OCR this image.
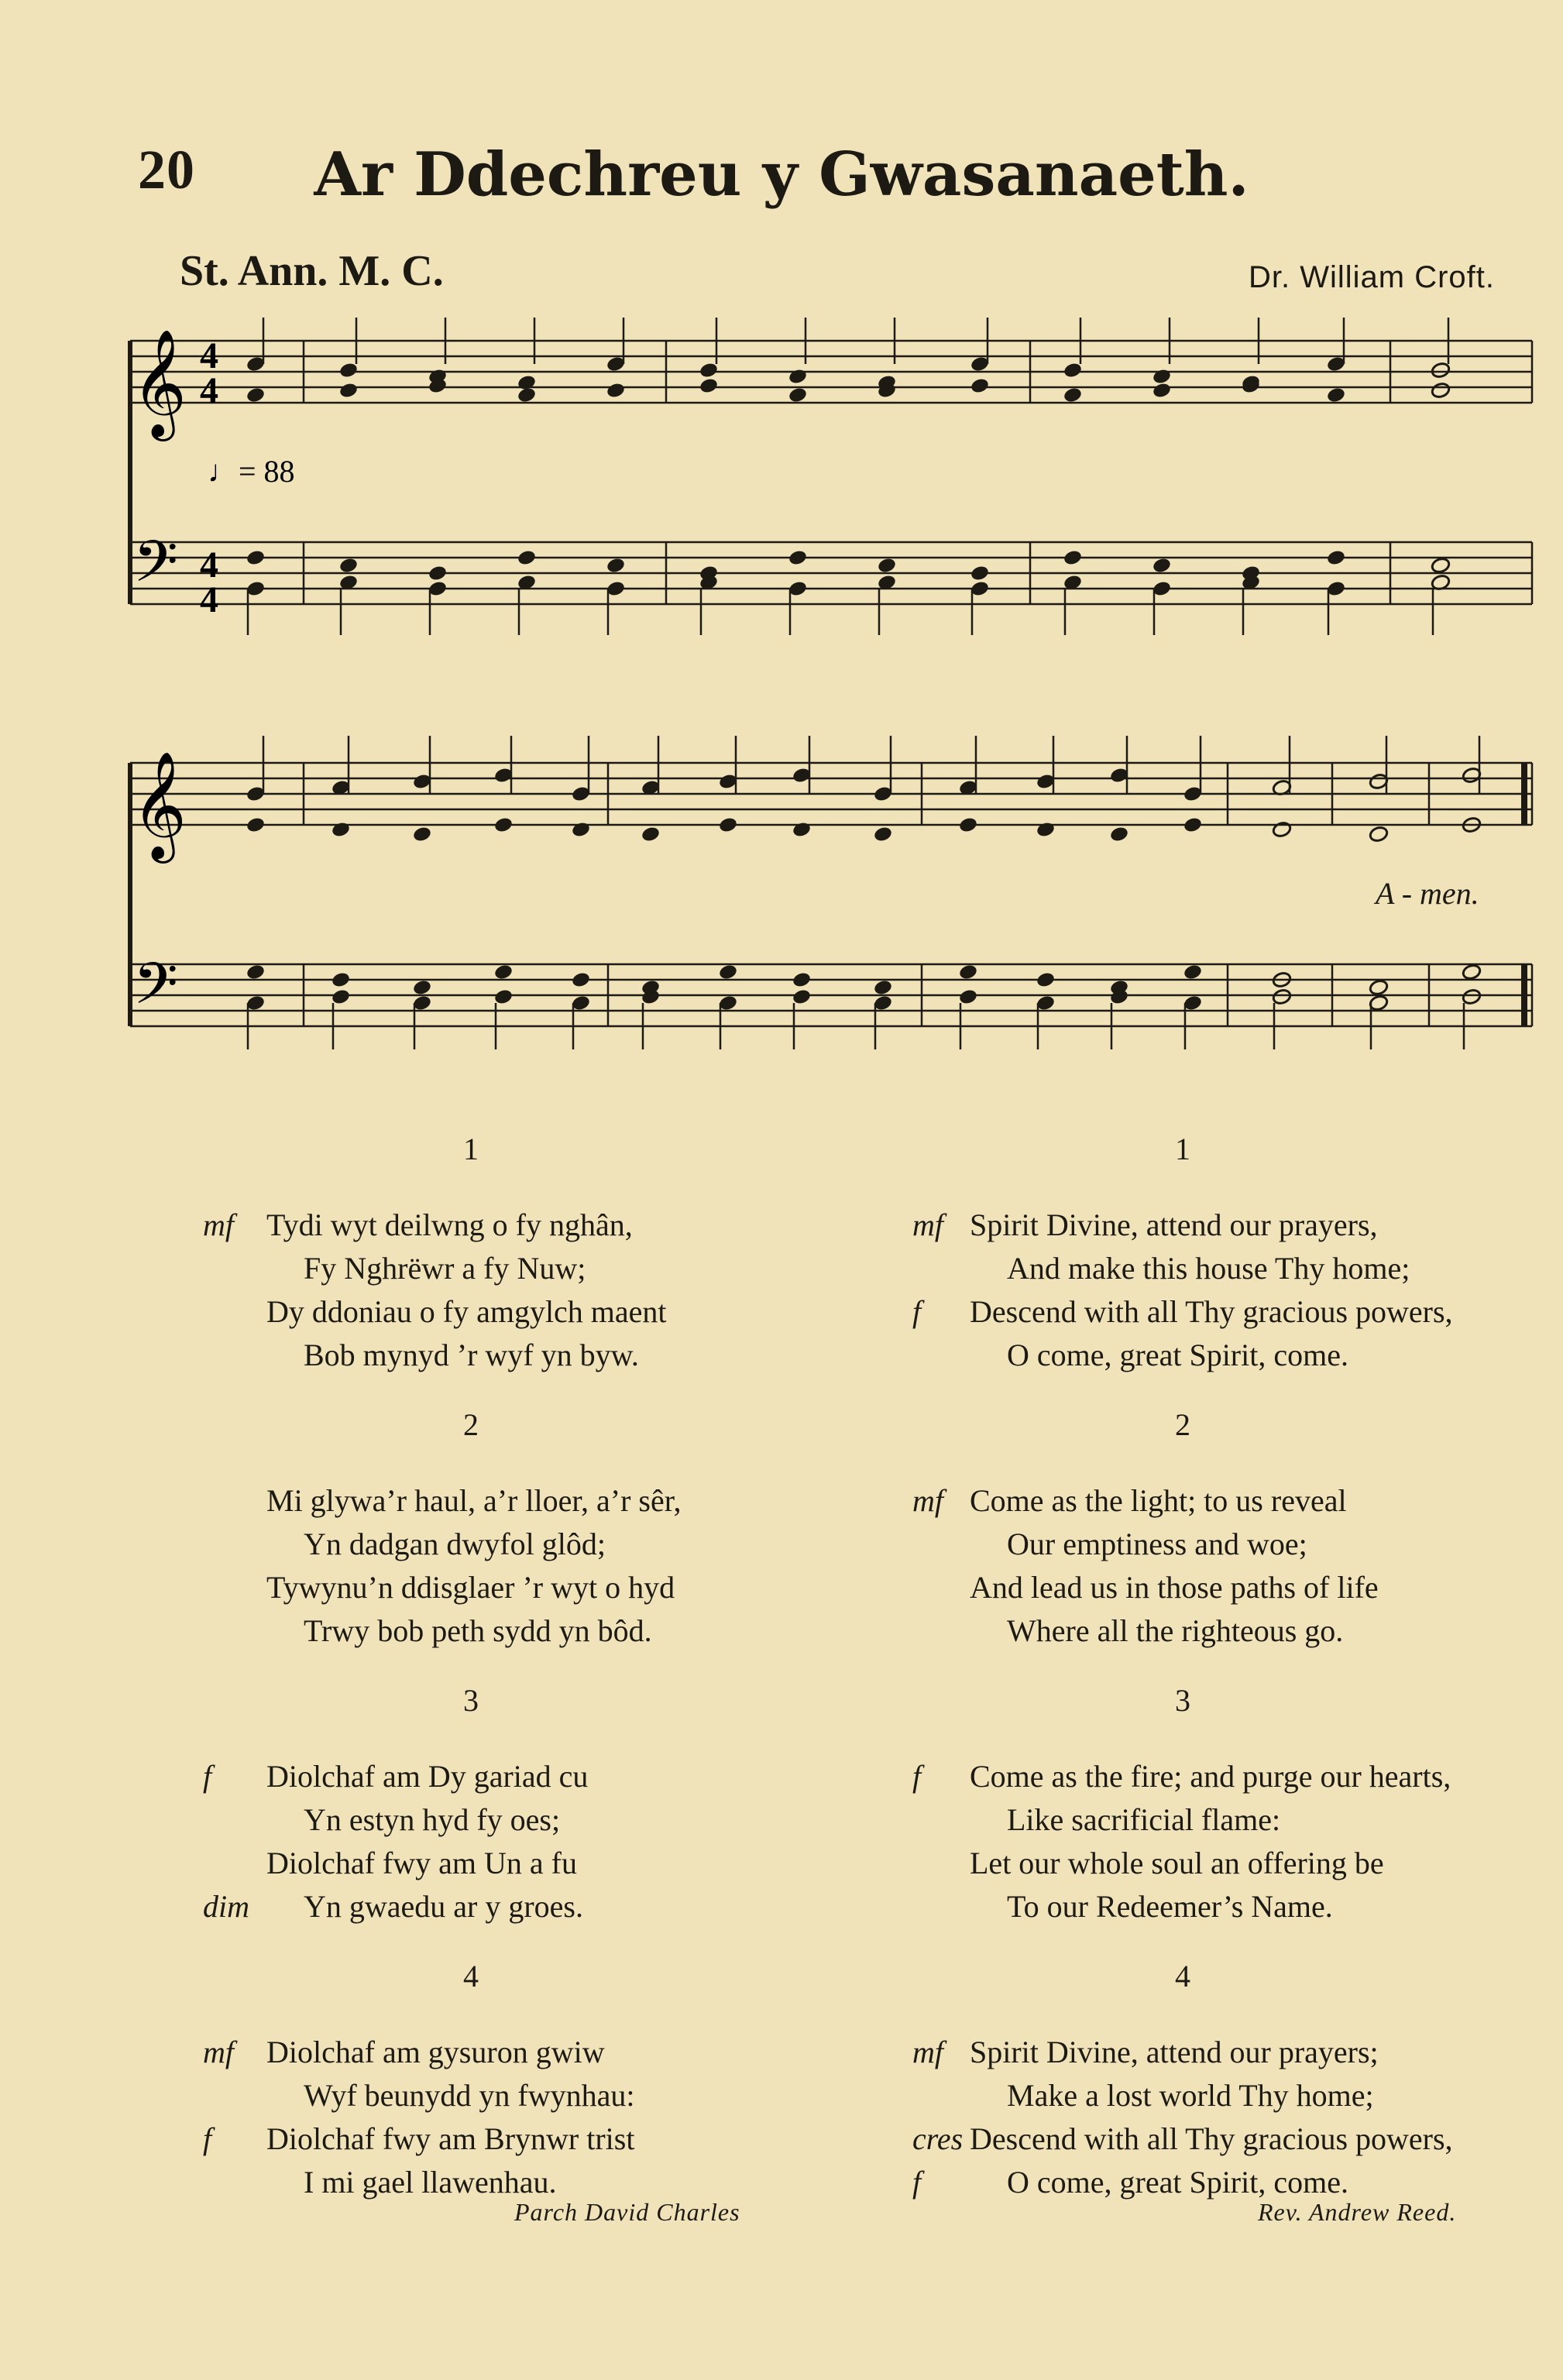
20	Ar Ddechreu y Gwasanaeth.
St. Ann. M. C.	Dr. William Croft.
𝄞
𝄢
𝄞
𝄢
4
4
4
4
♩= 88
A - men.
1
mf Tydi wyt deilwng o fy nghân,
Fy Nghrëwr a fy Nuw;
Dy ddoniau o fy amgylch maent
Bob mynyd ’r wyf yn byw.
2
Mi glywa’r haul, a’r lloer, a’r sêr,
Yn dadgan dwyfol glôd;
Tywynu’n ddisglaer ’r wyt o hyd
Trwy bob peth sydd yn bôd.
3
f Diolchaf am Dy gariad cu
Yn estyn hyd fy oes;
Diolchaf fwy am Un a fu
dim Yn gwaedu ar y groes.
4
mf Diolchaf am gysuron gwiw
Wyf beunydd yn fwynhau:
f Diolchaf fwy am Brynwr trist
I mi gael llawenhau.
1
mf Spirit Divine, attend our prayers,
And make this house Thy home;
f Descend with all Thy gracious powers,
O come, great Spirit, come.
2
mf Come as the light; to us reveal
Our emptiness and woe;
And lead us in those paths of life
Where all the righteous go.
3
f Come as the fire; and purge our hearts,
Like sacrificial flame:
Let our whole soul an offering be
To our Redeemer’s Name.
4
mf Spirit Divine, attend our prayers;
Make a lost world Thy home;
cres Descend with all Thy gracious powers,
f	O come, great Spirit, come.
Parch David Charles	Rev. Andrew Reed.
